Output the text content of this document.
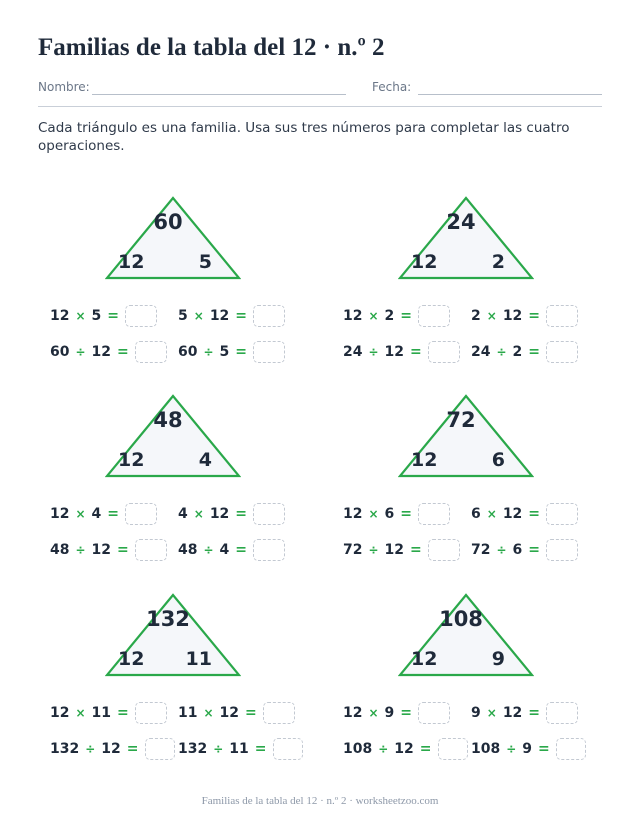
Familias de la tabla del 12 · n.º 2
Nombre:	Fecha:
Cada triángulo es una familia. Usa sus tres números para completar las cuatro operaciones.
60
12	5
12 × 5 =	5 × 12 =
60 ÷ 12 =	60 ÷ 5 =
24
12	2
12 × 2 =	2 × 12 =
24 ÷ 12 =	24 ÷ 2 =
48
12	4
12 × 4 =	4 × 12 =
48 ÷ 12 =	48 ÷ 4 =
72
12	6
12 × 6 =	6 × 12 =
72 ÷ 12 =	72 ÷ 6 =
132
12 11
12 × 11 =	11 × 12 =
132 ÷ 12 =	132 ÷ 11 =
108
12	9
12 × 9 =	9 × 12 =
108 ÷ 12 =	108 ÷ 9 =
Familias de la tabla del 12 · n.º 2 · worksheetzoo.com
